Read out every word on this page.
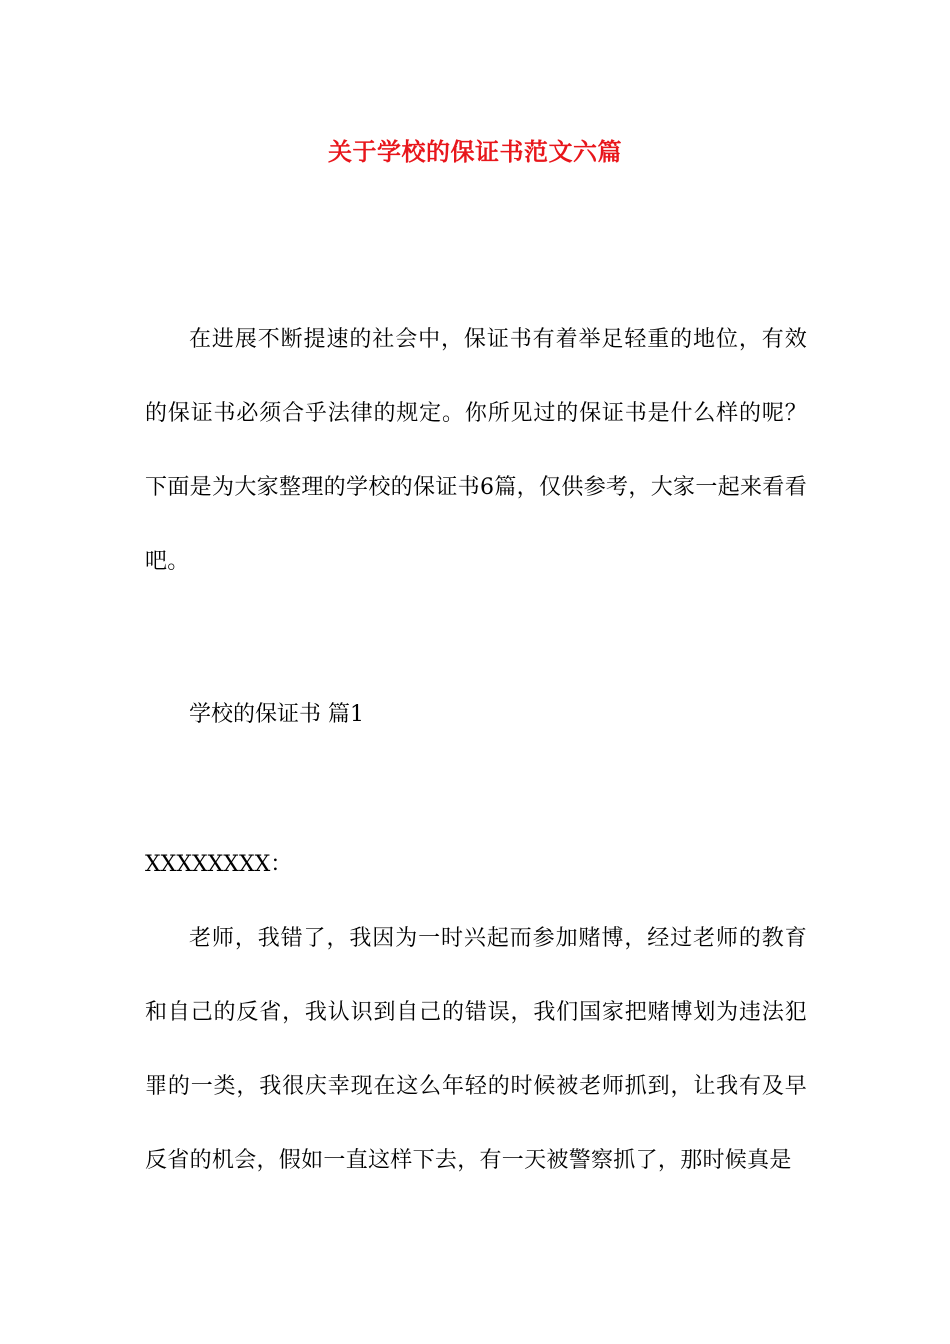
关于学校的保证书范文六篇
在进展不断提速的社会中，保证书有着举足轻重的地位，有效的保证书必须合乎法律的规定。你所见过的保证书是什么样的呢？下面是为大家整理的学校的保证书6篇，仅供参考，大家一起来看看吧。
学校的保证书 篇1
XXXXXXXX：
老师，我错了，我因为一时兴起而参加赌博，经过老师的教育和自己的反省，我认识到自己的错误，我们国家把赌博划为违法犯罪的一类，我很庆幸现在这么年轻的时候被老师抓到，让我有及早反省的机会，假如一直这样下去，有一天被警察抓了，那时候真是
